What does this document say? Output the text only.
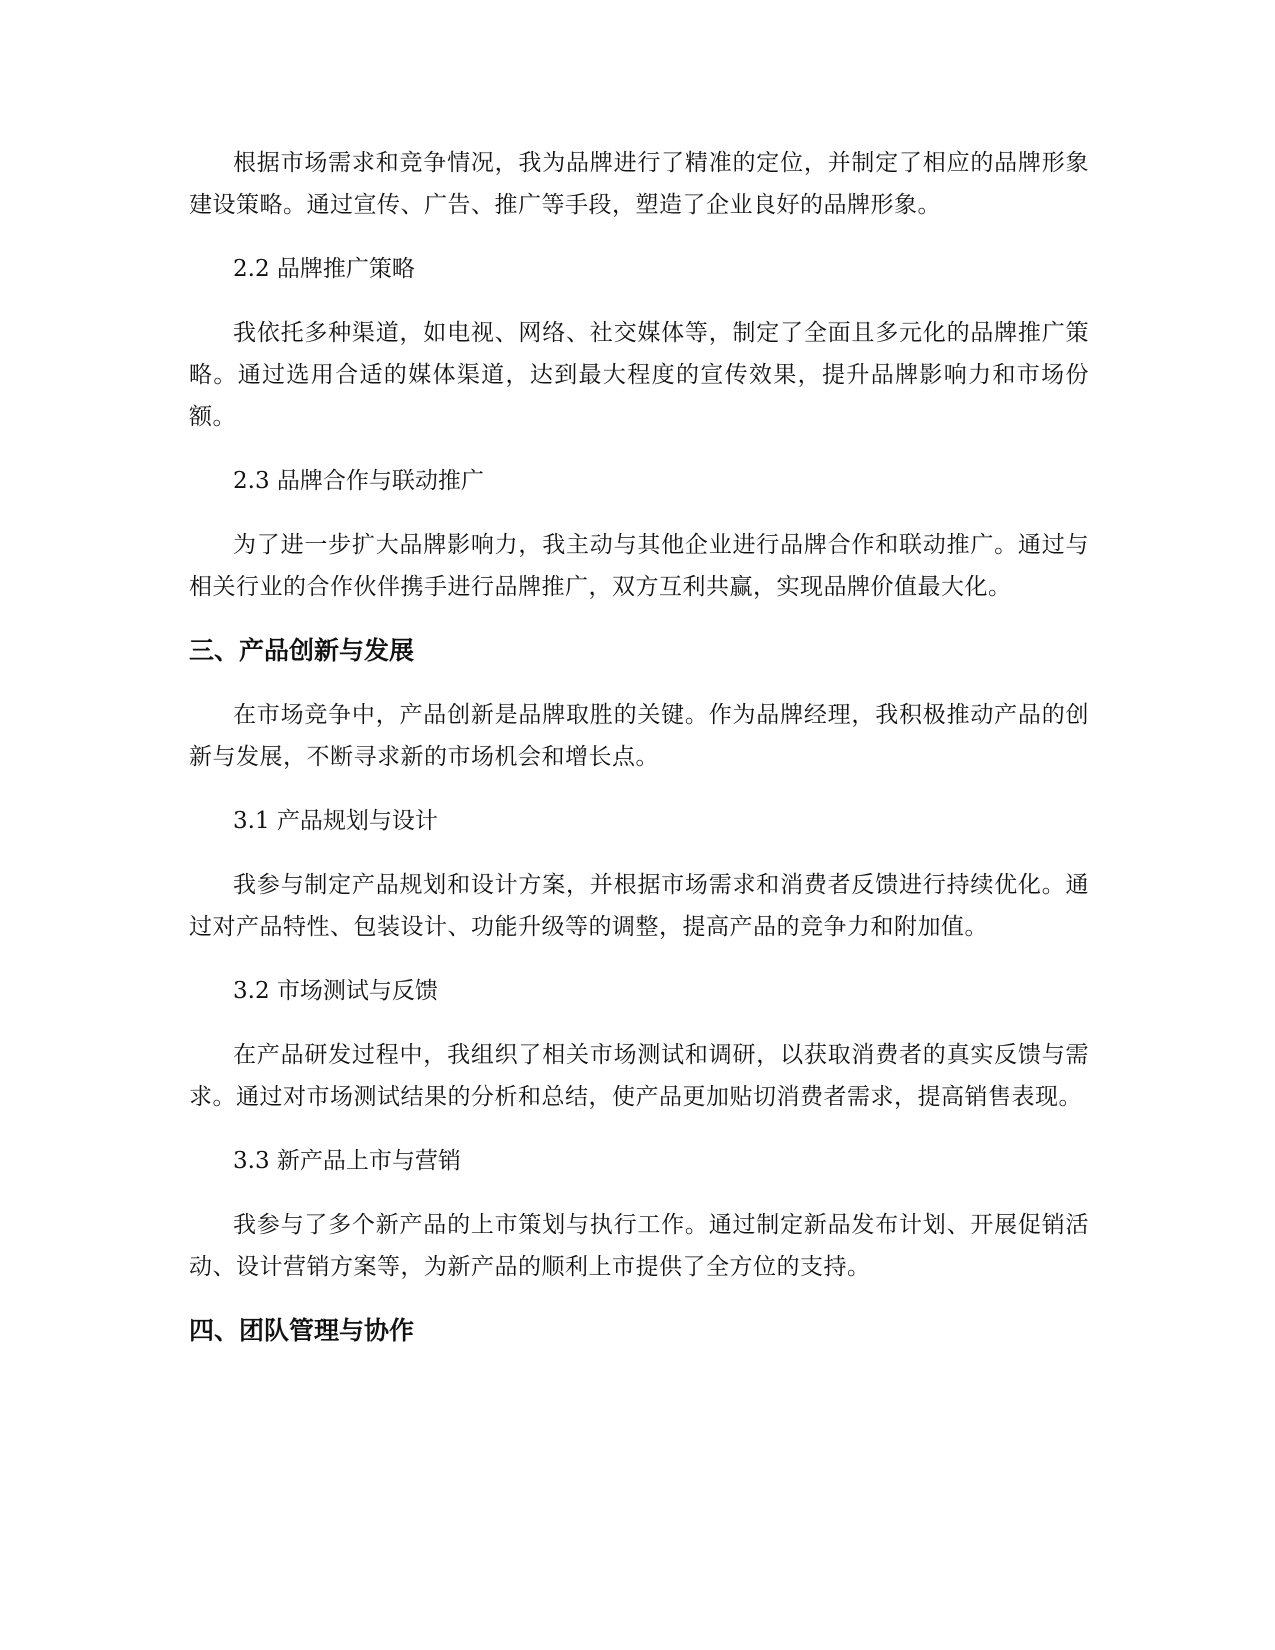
根据市场需求和竞争情况，我为品牌进行了精准的定位，并制定了相应的品牌形象建设策略。通过宣传、广告、推广等手段，塑造了企业良好的品牌形象。

2.2 品牌推广策略

我依托多种渠道，如电视、网络、社交媒体等，制定了全面且多元化的品牌推广策略。通过选用合适的媒体渠道，达到最大程度的宣传效果，提升品牌影响力和市场份额。

2.3 品牌合作与联动推广

为了进一步扩大品牌影响力，我主动与其他企业进行品牌合作和联动推广。通过与相关行业的合作伙伴携手进行品牌推广，双方互利共赢，实现品牌价值最大化。

三、产品创新与发展

在市场竞争中，产品创新是品牌取胜的关键。作为品牌经理，我积极推动产品的创新与发展，不断寻求新的市场机会和增长点。

3.1 产品规划与设计

我参与制定产品规划和设计方案，并根据市场需求和消费者反馈进行持续优化。通过对产品特性、包装设计、功能升级等的调整，提高产品的竞争力和附加值。

3.2 市场测试与反馈

在产品研发过程中，我组织了相关市场测试和调研，以获取消费者的真实反馈与需求。通过对市场测试结果的分析和总结，使产品更加贴切消费者需求，提高销售表现。

3.3 新产品上市与营销

我参与了多个新产品的上市策划与执行工作。通过制定新品发布计划、开展促销活动、设计营销方案等，为新产品的顺利上市提供了全方位的支持。

四、团队管理与协作
